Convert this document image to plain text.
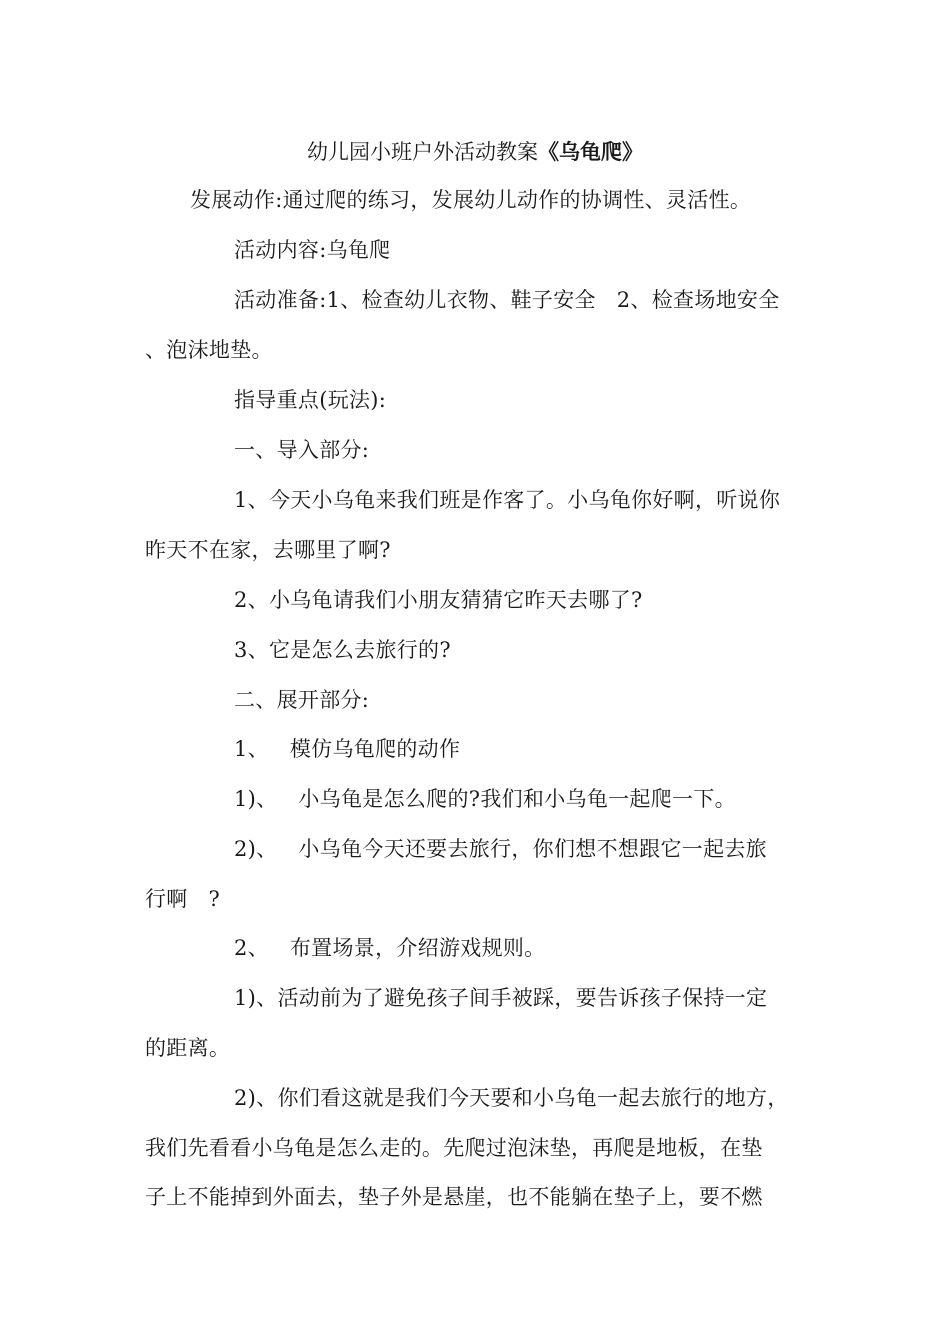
幼儿园小班户外活动教案《乌龟爬》
发展动作:通过爬的练习，发展幼儿动作的协调性、灵活性。
活动内容:乌龟爬
活动准备:1、检查幼儿衣物、鞋子安全   2、检查场地安全
、泡沫地垫。
指导重点(玩法):
一、导入部分:
1、今天小乌龟来我们班是作客了。小乌龟你好啊，听说你
昨天不在家，去哪里了啊?
2、小乌龟请我们小朋友猜猜它昨天去哪了?
3、它是怎么去旅行的?
二、展开部分:
1、   模仿乌龟爬的动作
1)、   小乌龟是怎么爬的?我们和小乌龟一起爬一下。
2)、   小乌龟今天还要去旅行，你们想不想跟它一起去旅
行啊   ?
2、   布置场景，介绍游戏规则。
1)、活动前为了避免孩子间手被踩，要告诉孩子保持一定
的距离。
2)、你们看这就是我们今天要和小乌龟一起去旅行的地方，
我们先看看小乌龟是怎么走的。先爬过泡沫垫，再爬是地板，在垫
子上不能掉到外面去，垫子外是悬崖，也不能躺在垫子上，要不燃
